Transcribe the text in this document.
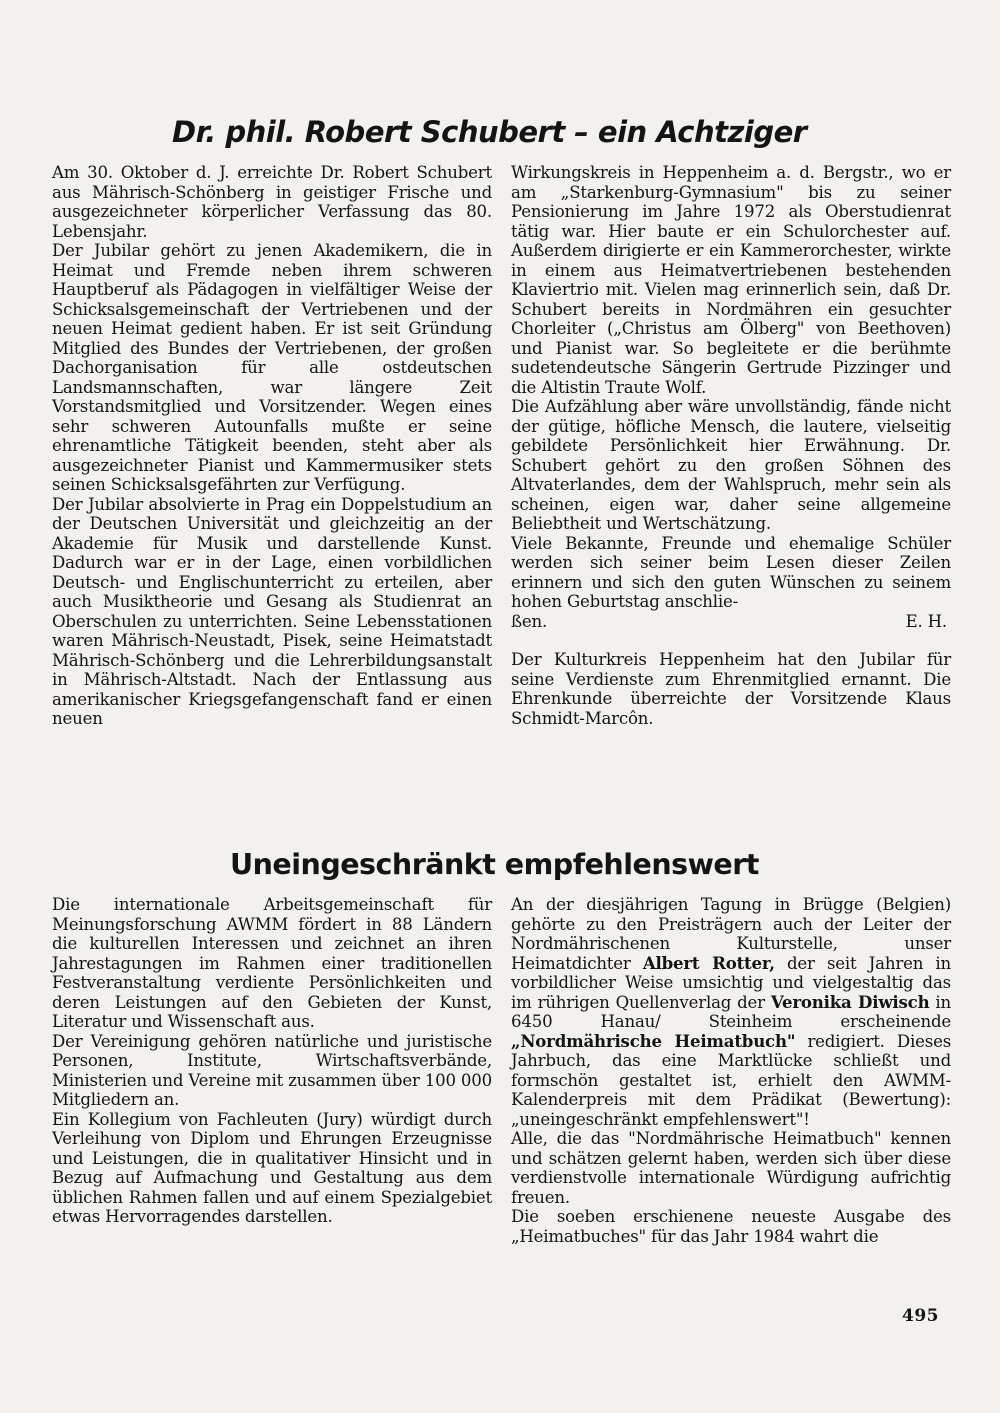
Dr. phil. Robert Schubert – ein Achtziger

Am 30. Oktober d. J. erreichte Dr. Robert Schubert aus Mährisch-Schönberg in geistiger Frische und ausgezeichneter körperlicher Verfassung das 80. Lebensjahr.

Der Jubilar gehört zu jenen Akademikern, die in Heimat und Fremde neben ihrem schweren Hauptberuf als Pädagogen in vielfältiger Weise der Schicksalsgemeinschaft der Vertriebenen und der neuen Heimat gedient haben. Er ist seit Gründung Mitglied des Bundes der Vertriebenen, der großen Dachorganisation für alle ostdeutschen Landsmannschaften, war längere Zeit Vorstandsmitglied und Vorsitzender. Wegen eines sehr schweren Autounfalls mußte er seine ehrenamtliche Tätigkeit beenden, steht aber als ausgezeichneter Pianist und Kammermusiker stets seinen Schicksalsgefährten zur Verfügung.

Der Jubilar absolvierte in Prag ein Doppelstudium an der Deutschen Universität und gleichzeitig an der Akademie für Musik und darstellende Kunst. Dadurch war er in der Lage, einen vorbildlichen Deutsch- und Englischunterricht zu erteilen, aber auch Musiktheorie und Gesang als Studienrat an Oberschulen zu unterrichten. Seine Lebensstationen waren Mährisch-Neustadt, Pisek, seine Heimatstadt Mährisch-Schönberg und die Lehrerbildungsanstalt in Mährisch-Altstadt. Nach der Entlassung aus amerikanischer Kriegsgefangenschaft fand er einen neuen

Wirkungskreis in Heppenheim a. d. Bergstr., wo er am „Starkenburg-Gymnasium" bis zu seiner Pensionierung im Jahre 1972 als Oberstudienrat tätig war. Hier baute er ein Schulorchester auf. Außerdem dirigierte er ein Kammerorchester, wirkte in einem aus Heimatvertriebenen bestehenden Klaviertrio mit. Vielen mag erinnerlich sein, daß Dr. Schubert bereits in Nordmähren ein gesuchter Chorleiter („Christus am Ölberg" von Beethoven) und Pianist war. So begleitete er die berühmte sudetendeutsche Sängerin Gertrude Pizzinger und die Altistin Traute Wolf.

Die Aufzählung aber wäre unvollständig, fände nicht der gütige, höfliche Mensch, die lautere, vielseitig gebildete Persönlichkeit hier Erwähnung. Dr. Schubert gehört zu den großen Söhnen des Altvaterlandes, dem der Wahlspruch, mehr sein als scheinen, eigen war, daher seine allgemeine Beliebtheit und Wertschätzung.

Viele Bekannte, Freunde und ehemalige Schüler werden sich seiner beim Lesen dieser Zeilen erinnern und sich den guten Wünschen zu seinem hohen Geburtstag anschlie-

ßen.	E. H.

Der Kulturkreis Heppenheim hat den Jubilar für seine Verdienste zum Ehrenmitglied ernannt. Die Ehrenkunde überreichte der Vorsitzende Klaus Schmidt-Marcôn.

Uneingeschränkt empfehlenswert

Die internationale Arbeitsgemeinschaft für Meinungsforschung AWMM fördert in 88 Ländern die kulturellen Interessen und zeichnet an ihren Jahrestagungen im Rahmen einer traditionellen Festveranstaltung verdiente Persönlichkeiten und deren Leistungen auf den Gebieten der Kunst, Literatur und Wissenschaft aus.

Der Vereinigung gehören natürliche und juristische Personen, Institute, Wirtschaftsverbände, Ministerien und Vereine mit zusammen über 100 000 Mitgliedern an.

Ein Kollegium von Fachleuten (Jury) würdigt durch Verleihung von Diplom und Ehrungen Erzeugnisse und Leistungen, die in qualitativer Hinsicht und in Bezug auf Aufmachung und Gestaltung aus dem üblichen Rahmen fallen und auf einem Spezialgebiet etwas Hervorragendes darstellen.

An der diesjährigen Tagung in Brügge (Belgien) gehörte zu den Preisträgern auch der Leiter der Nordmährischenen Kulturstelle, unser Heimatdichter Albert Rotter, der seit Jahren in vorbildlicher Weise umsichtig und vielgestaltig das im rührigen Quellenverlag der Veronika Diwisch in 6450 Hanau/ Steinheim erscheinende „Nordmährische Heimatbuch" redigiert. Dieses Jahrbuch, das eine Marktlücke schließt und formschön gestaltet ist, erhielt den AWMM-Kalenderpreis mit dem Prädikat (Bewertung): „uneingeschränkt empfehlenswert"!

Alle, die das "Nordmährische Heimatbuch" kennen und schätzen gelernt haben, werden sich über diese verdienstvolle internationale Würdigung aufrichtig freuen.

Die soeben erschienene neueste Ausgabe des „Heimatbuches" für das Jahr 1984 wahrt die

495
